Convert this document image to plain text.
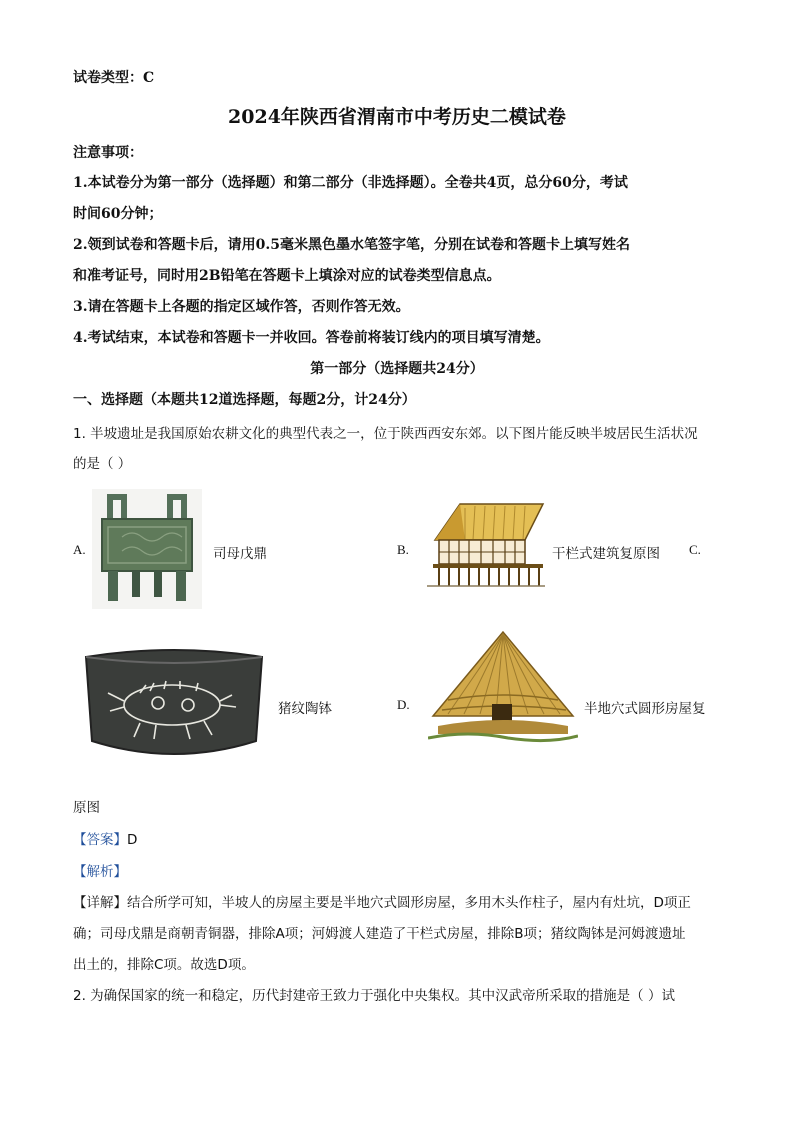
试卷类型：C
2024年陕西省渭南市中考历史二模试卷
注意事项：
1.本试卷分为第一部分（选择题）和第二部分（非选择题）。全卷共4页，总分60分，考试
时间60分钟；
2.领到试卷和答题卡后，请用0.5毫米黑色墨水笔签字笔，分别在试卷和答题卡上填写姓名
和准考证号，同时用2B铅笔在答题卡上填涂对应的试卷类型信息点。
3.请在答题卡上各题的指定区域作答，否则作答无效。
4.考试结束，本试卷和答题卡一并收回。答卷前将装订线内的项目填写清楚。
第一部分（选择题共24分）
一、选择题（本题共12道选择题，每题2分，计24分）
1. 半坡遗址是我国原始农耕文化的典型代表之一，位于陕西西安东郊。以下图片能反映半坡居民生活状况
的是（ ）
A.	司母戊鼎	B.	干栏式建筑复原图 C.
猪纹陶钵	D.	半地穴式圆形房屋复
原图
【答案】D
【解析】
【详解】结合所学可知，半坡人的房屋主要是半地穴式圆形房屋，多用木头作柱子，屋内有灶坑，D项正
确；司母戊鼎是商朝青铜器，排除A项；河姆渡人建造了干栏式房屋，排除B项；猪纹陶钵是河姆渡遗址
出土的，排除C项。故选D项。
2. 为确保国家的统一和稳定，历代封建帝王致力于强化中央集权。其中汉武帝所采取的措施是（ ）试
